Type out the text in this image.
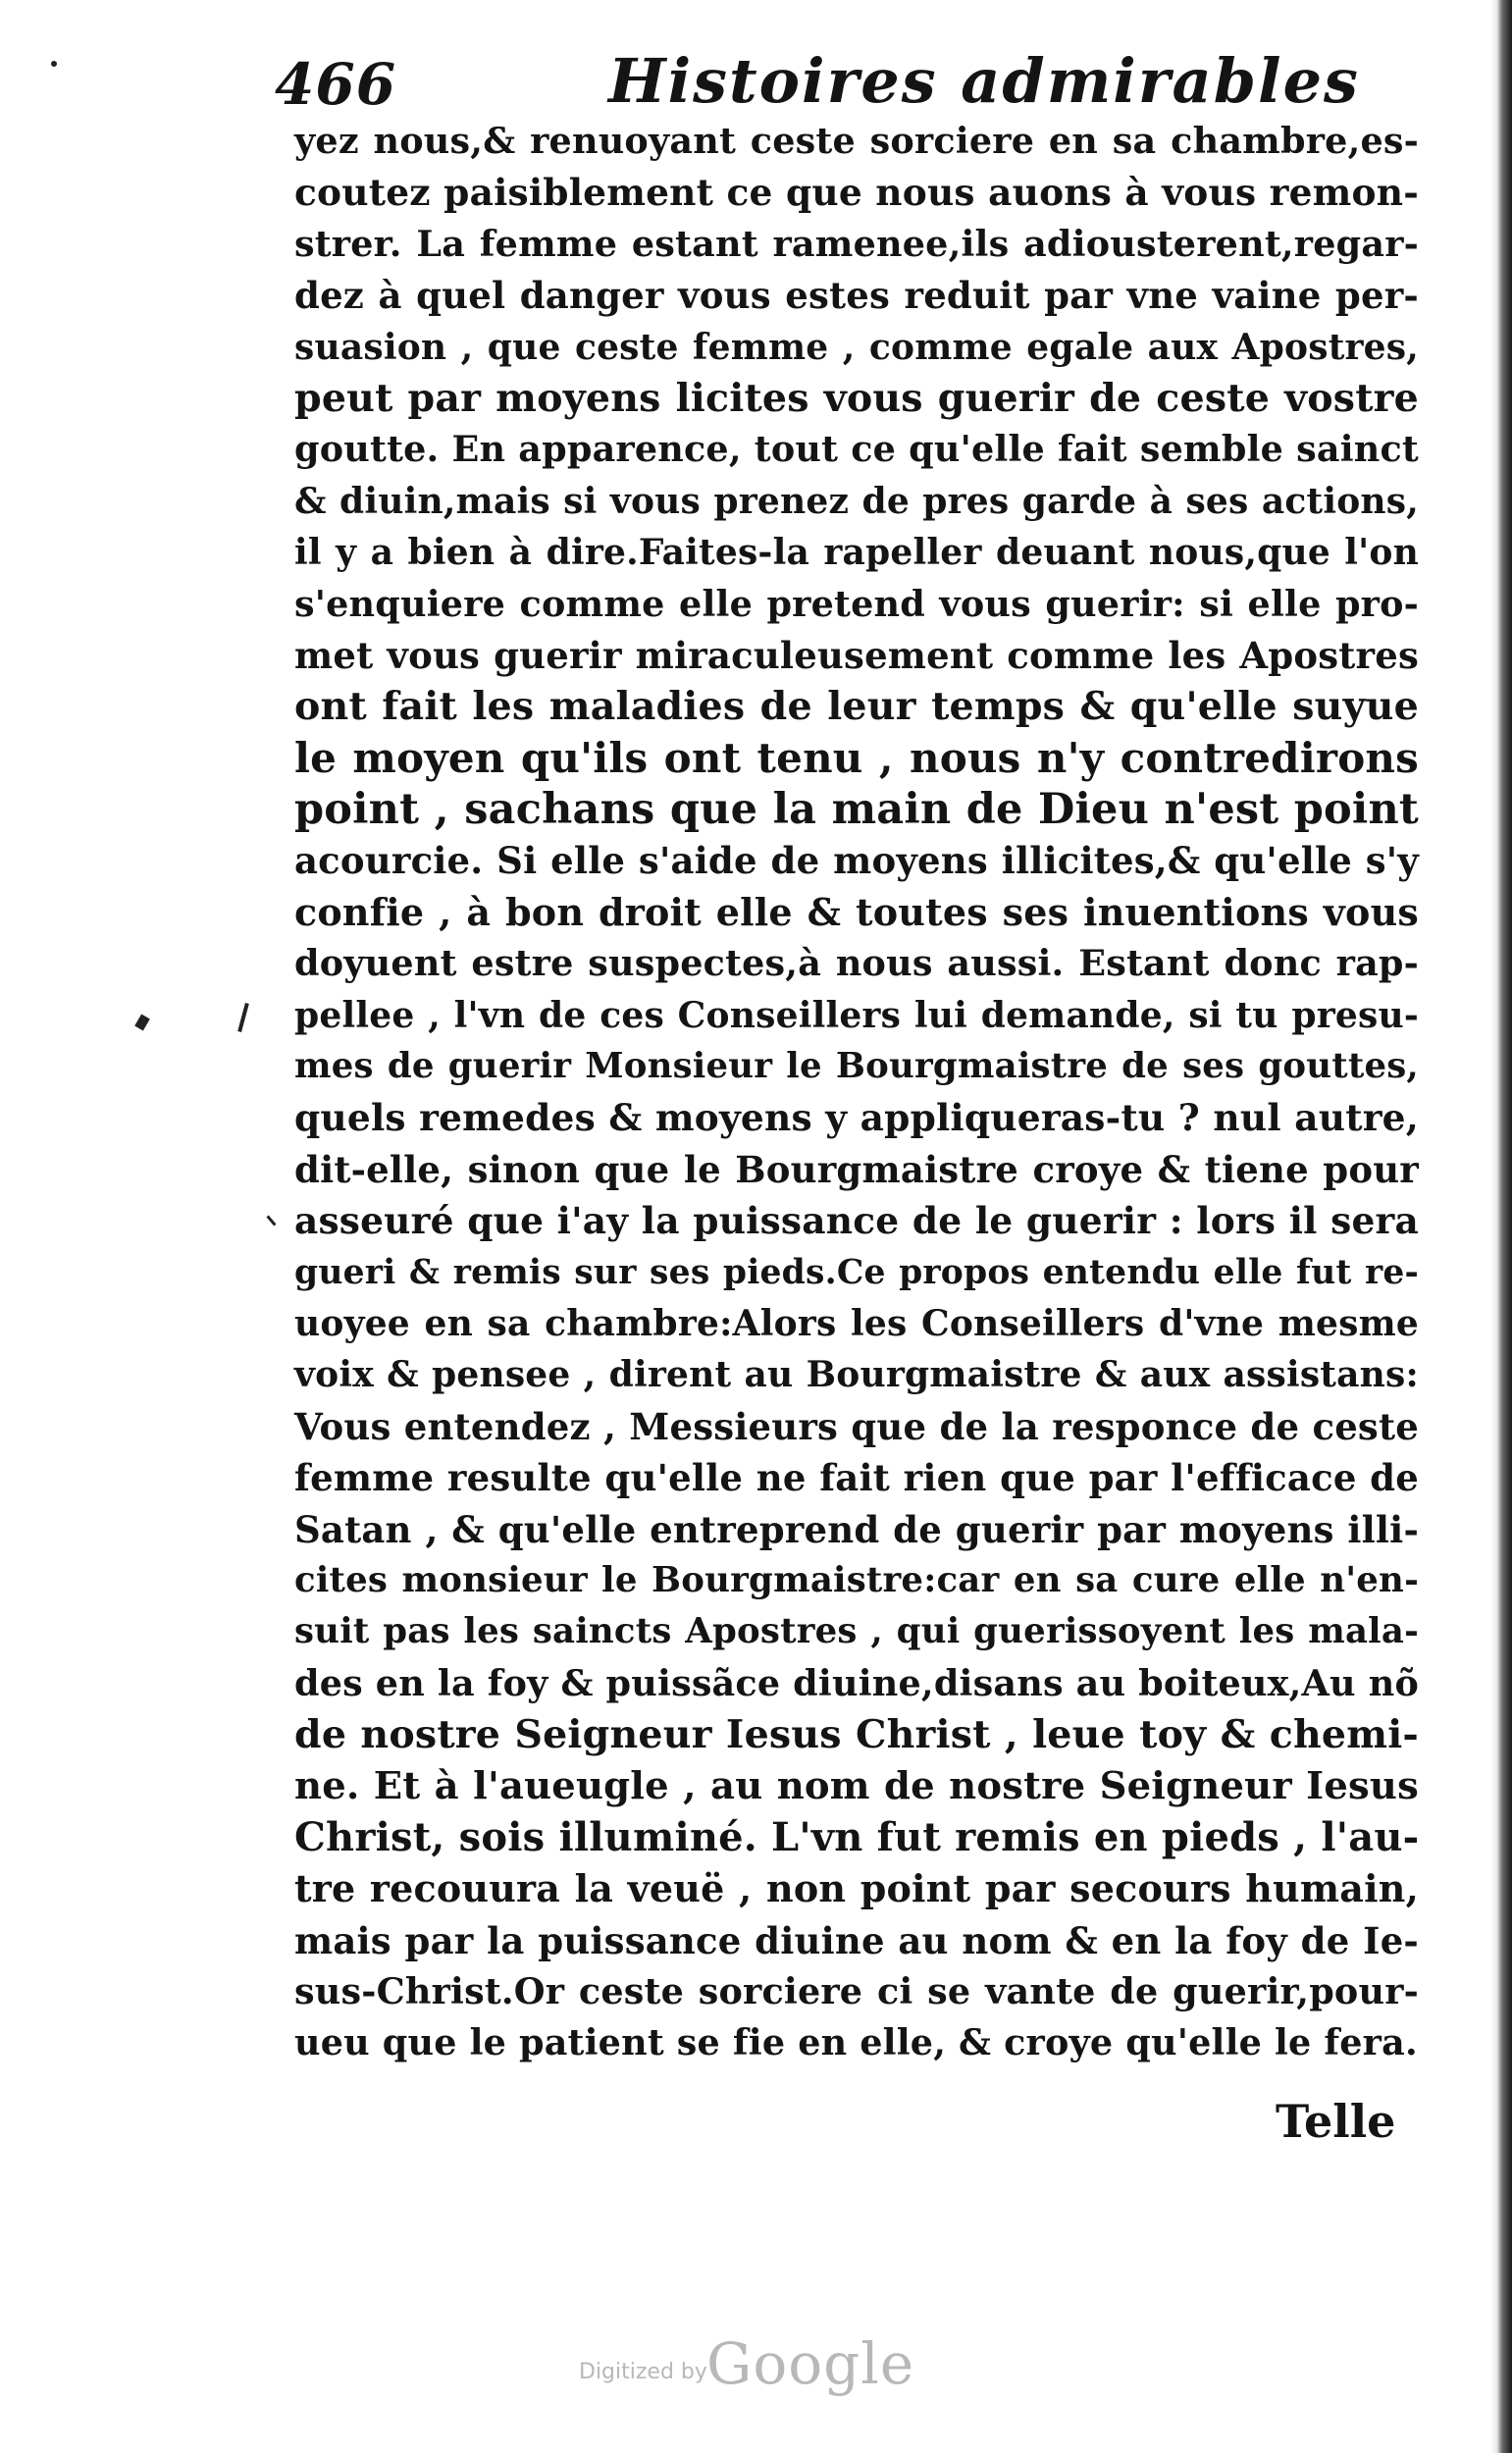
466	Histoires admirables
yez nous,& renuoyant ceste sorciere en sa chambre,es-
coutez paisiblement ce que nous auons à vous remon-
strer. La femme estant ramenee,ils adiousterent,regar-
dez à quel danger vous estes reduit par vne vaine per-
suasion , que ceste femme , comme egale aux Apostres,
peut par moyens licites vous guerir de ceste vostre
goutte. En apparence, tout ce qu'elle fait semble sainct
& diuin,mais si vous prenez de pres garde à ses actions,
il y a bien à dire.Faites-la rapeller deuant nous,que l'on
s'enquiere comme elle pretend vous guerir: si elle pro-
met vous guerir miraculeusement comme les Apostres
ont fait les maladies de leur temps & qu'elle suyue
le moyen qu'ils ont tenu , nous n'y contredirons
point , sachans que la main de Dieu n'est point
acourcie. Si elle s'aide de moyens illicites,& qu'elle s'y
confie , à bon droit elle & toutes ses inuentions vous
doyuent estre suspectes,à nous aussi. Estant donc rap-
pellee , l'vn de ces Conseillers lui demande, si tu presu-
mes de guerir Monsieur le Bourgmaistre de ses gouttes,
quels remedes & moyens y appliqueras-tu ? nul autre,
dit-elle, sinon que le Bourgmaistre croye & tiene pour
asseuré que i'ay la puissance de le guerir : lors il sera
gueri & remis sur ses pieds.Ce propos entendu elle fut re-
uoyee en sa chambre:Alors les Conseillers d'vne mesme
voix & pensee , dirent au Bourgmaistre & aux assistans:
Vous entendez , Messieurs que de la responce de ceste
femme resulte qu'elle ne fait rien que par l'efficace de
Satan , & qu'elle entreprend de guerir par moyens illi-
cites monsieur le Bourgmaistre:car en sa cure elle n'en-
suit pas les saincts Apostres , qui guerissoyent les mala-
des en la foy & puissãce diuine,disans au boiteux,Au nõ
de nostre Seigneur Iesus Christ , leue toy & chemi-
ne. Et à l'aueugle , au nom de nostre Seigneur Iesus
Christ, sois illuminé. L'vn fut remis en pieds , l'au-
tre recouura la veuë , non point par secours humain,
mais par la puissance diuine au nom & en la foy de Ie-
sus-Christ.Or ceste sorciere ci se vante de guerir,pour-
ueu que le patient se fie en elle, & croye qu'elle le fera.
Telle
Digitized by Google
